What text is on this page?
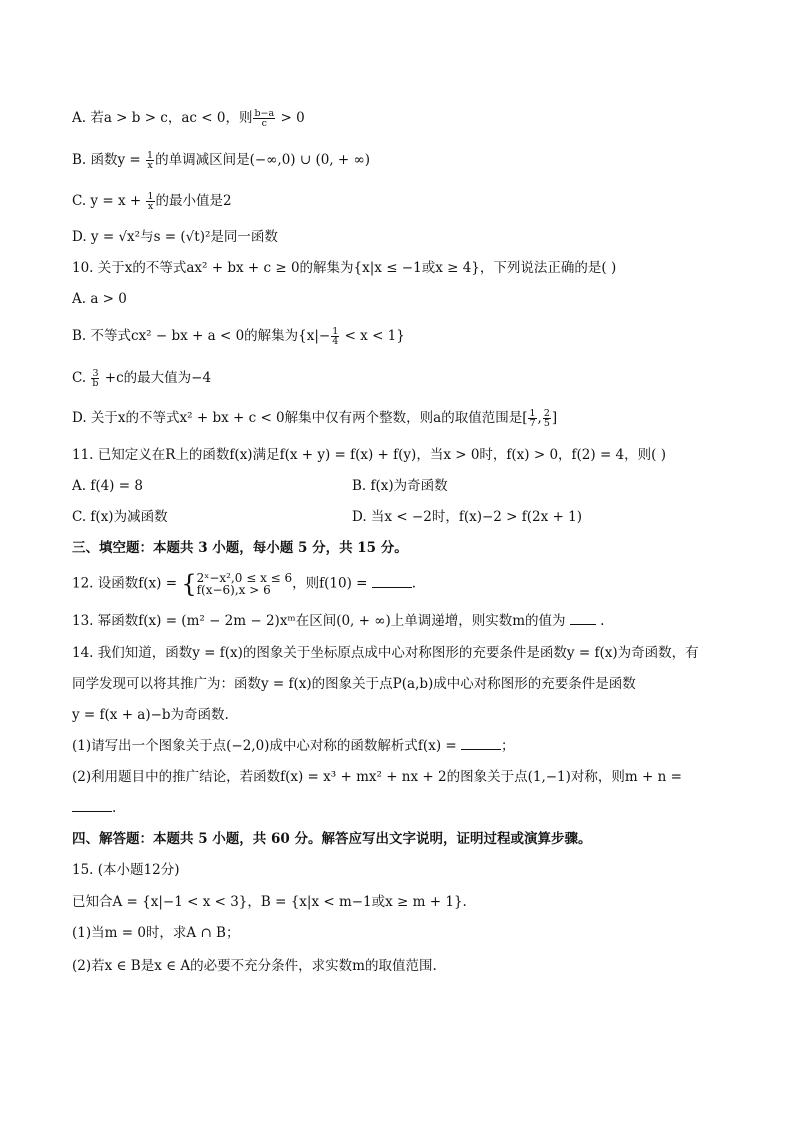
A. 若a > b > c，ac < 0，则 $\frac{b-a}{c} > 0$
B. 函数$y = \frac{1}{x}$ 的单调减区间是(−∞,0) ∪ (0, + ∞)
C. $y = x + \frac{1}{x}$ 的最小值是2
D. y = √x²与s = (√t)²是同一函数
10. 关于x的不等式ax² + bx + c ≥ 0的解集为{x|x ≤ −1或x ≥ 4}，下列说法正确的是( )
A. a > 0
B. 不等式cx² − bx + a < 0的解集为$\{x|- \frac{1}{4} < x < 1\}$
C. $\frac{3}{b} +c$的最大值为−4
D. 关于x的不等式x² + bx + c < 0解集中仅有两个整数，则a的取值范围是[ $\frac{1}{7}$ , $\frac{2}{5}$ ]
11. 已知定义在R上的函数f(x)满足f(x + y) = f(x) + f(y)，当x > 0时，f(x) > 0，f(2) = 4，则( )
A. f(4) = 8	B. f(x)为奇函数
C. f(x)为减函数	D. 当x < −2时，f(x)−2 > f(2x + 1)
三、填空题：本题共 3 小题，每小题 5 分，共 15 分。
12. 设函数f(x) = {2ˣ−x²,0 ≤ x ≤ 6
f(x−6),x > 6 ，则f(10) =	.
13. 幂函数f(x) = (m² − 2m − 2)xᵐ在区间(0, + ∞)上单调递增，则实数m的值为  .
14. 我们知道，函数y = f(x)的图象关于坐标原点成中心对称图形的充要条件是函数y = f(x)为奇函数，有
同学发现可以将其推广为：函数y = f(x)的图象关于点P(a,b)成中心对称图形的充要条件是函数
y = f(x + a)−b为奇函数.
(1)请写出一个图象关于点(−2,0)成中心对称的函数解析式f(x) =	；
(2)利用题目中的推广结论，若函数f(x) = x³ + mx² + nx + 2的图象关于点(1,−1)对称，则m + n =
.
四、解答题：本题共 5 小题，共 60 分。解答应写出文字说明，证明过程或演算步骤。
15. (本小题12分)
已知合A = {x|−1 < x < 3}，B = {x|x < m−1或x ≥ m + 1}.
(1)当m = 0时，求A ∩ B；
(2)若x ∈ B是x ∈ A的必要不充分条件，求实数m的取值范围.
